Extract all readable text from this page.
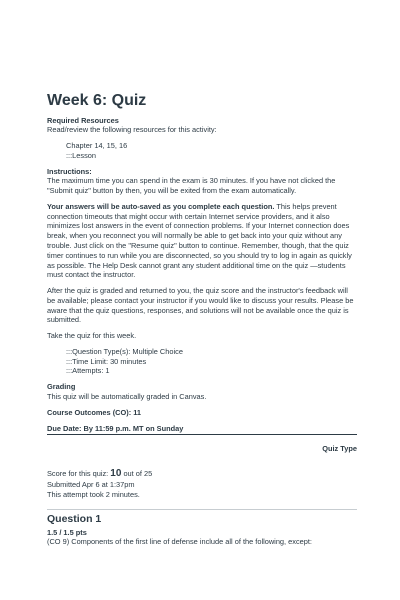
Week 6: Quiz

Required Resources

Read/review the following resources for this activity:

Chapter 14, 15, 16

:::Lesson

Instructions:

The maximum time you can spend in the exam is 30 minutes. If you have not clicked the "Submit quiz" button by then, you will be exited from the exam automatically.

Your answers will be auto-saved as you complete each question. This helps prevent connection timeouts that might occur with certain Internet service providers, and it also minimizes lost answers in the event of connection problems. If your Internet connection does break, when you reconnect you will normally be able to get back into your quiz without any trouble. Just click on the "Resume quiz" button to continue. Remember, though, that the quiz timer continues to run while you are disconnected, so you should try to log in again as quickly as possible. The Help Desk cannot grant any student additional time on the quiz —students must contact the instructor.

After the quiz is graded and returned to you, the quiz score and the instructor's feedback will be available; please contact your instructor if you would like to discuss your results. Please be aware that the quiz questions, responses, and solutions will not be available once the quiz is submitted.

Take the quiz for this week.

:::Question Type(s): Multiple Choice

:::Time Limit: 30 minutes

:::Attempts: 1

Grading

This quiz will be automatically graded in Canvas.

Course Outcomes (CO): 11

Due Date: By 11:59 p.m. MT on Sunday

Quiz Type

Score for this quiz: 10 out of 25

Submitted Apr 6 at 1:37pm

This attempt took 2 minutes.

Question 1

1.5 / 1.5 pts

(CO 9) Components of the first line of defense include all of the following, except:
